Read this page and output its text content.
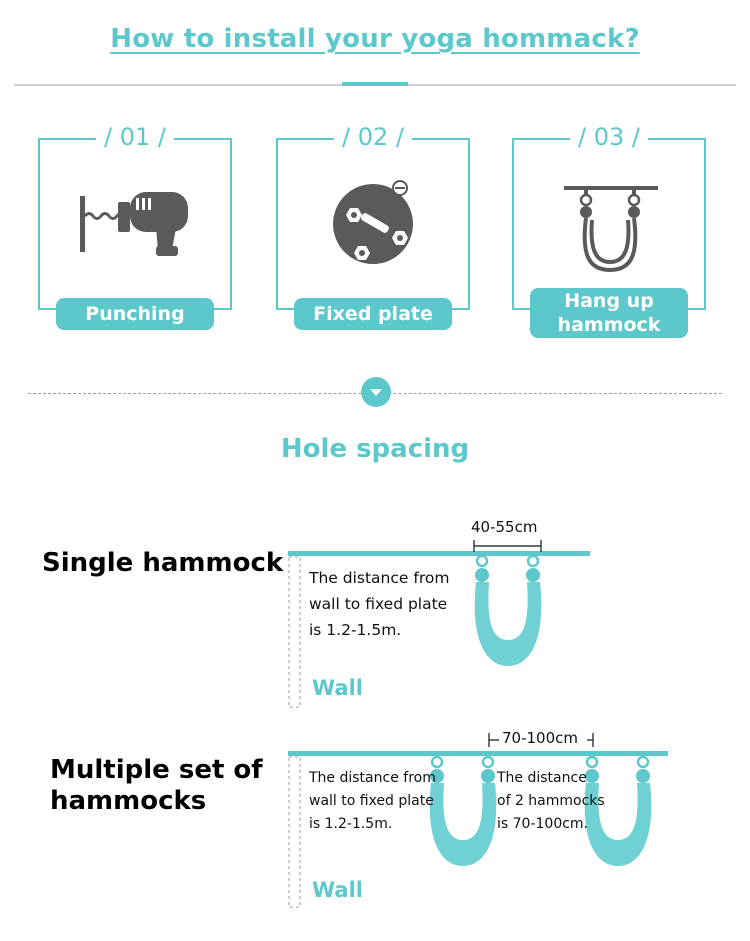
How to install your yoga hommack?
/ 01 /
Punching
/ 02 /
Fixed plate
/ 03 /
Hang up
hammock
Hole spacing
Single hammock
40-55cm
The distance from
wall to fixed plate
is 1.2-1.5m.
Wall
Multiple set of
hammocks
70-100cm
The distance from
wall to fixed plate
is 1.2-1.5m.
The distance
of 2 hammocks
is 70-100cm.
Wall
